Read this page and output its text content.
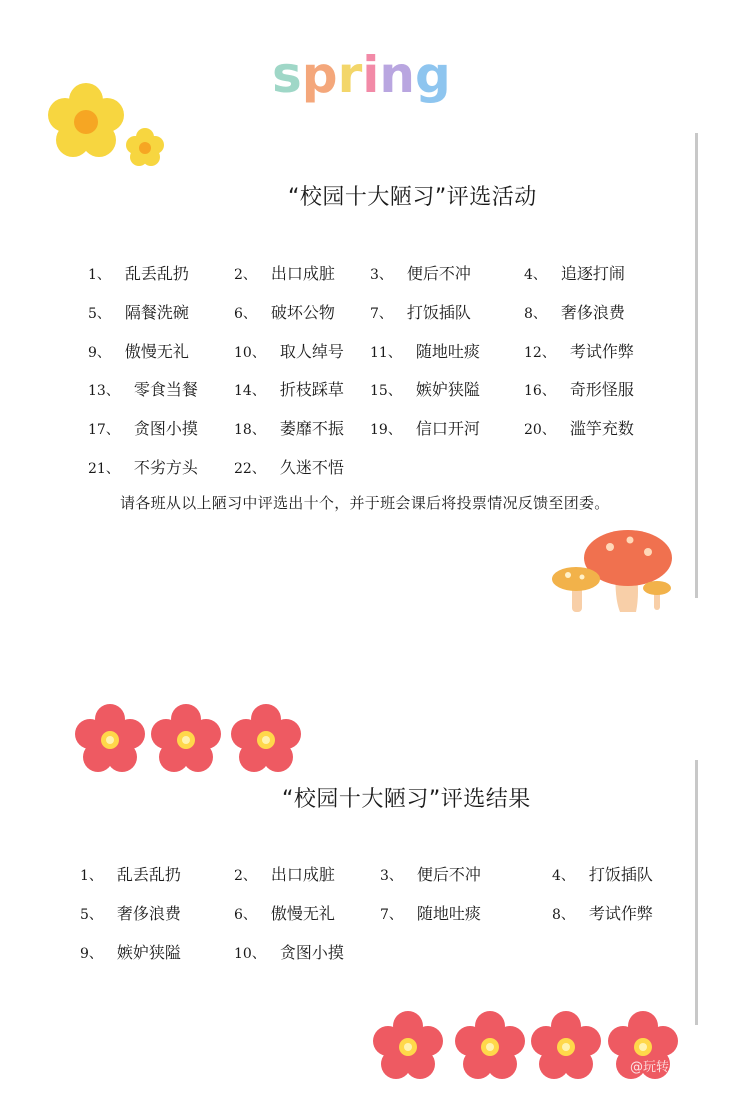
spring
“校园十大陋习”评选活动
1、 乱丢乱扔	2、 出口成脏	3、 便后不冲	4、 追逐打闹
5、 隔餐洗碗	6、 破坏公物	7、 打饭插队	8、 奢侈浪费
9、 傲慢无礼	10、 取人绰号 11、 随地吐痰	12、 考试作弊
13、 零食当餐	14、 折枝踩草 15、 嫉妒狭隘	16、 奇形怪服
17、 贪图小摸	18、 萎靡不振 19、 信口开河	20、 滥竽充数
21、 不劣方头	22、 久迷不悟
请各班从以上陋习中评选出十个，并于班会课后将投票情况反馈至团委。
“校园十大陋习”评选结果
1、 乱丢乱扔	2、 出口成脏	3、 便后不冲	4、 打饭插队
5、 奢侈浪费	6、 傲慢无礼	7、 随地吐痰	8、 考试作弊
9、 嫉妒狭隘	10、 贪图小摸
@玩转...
